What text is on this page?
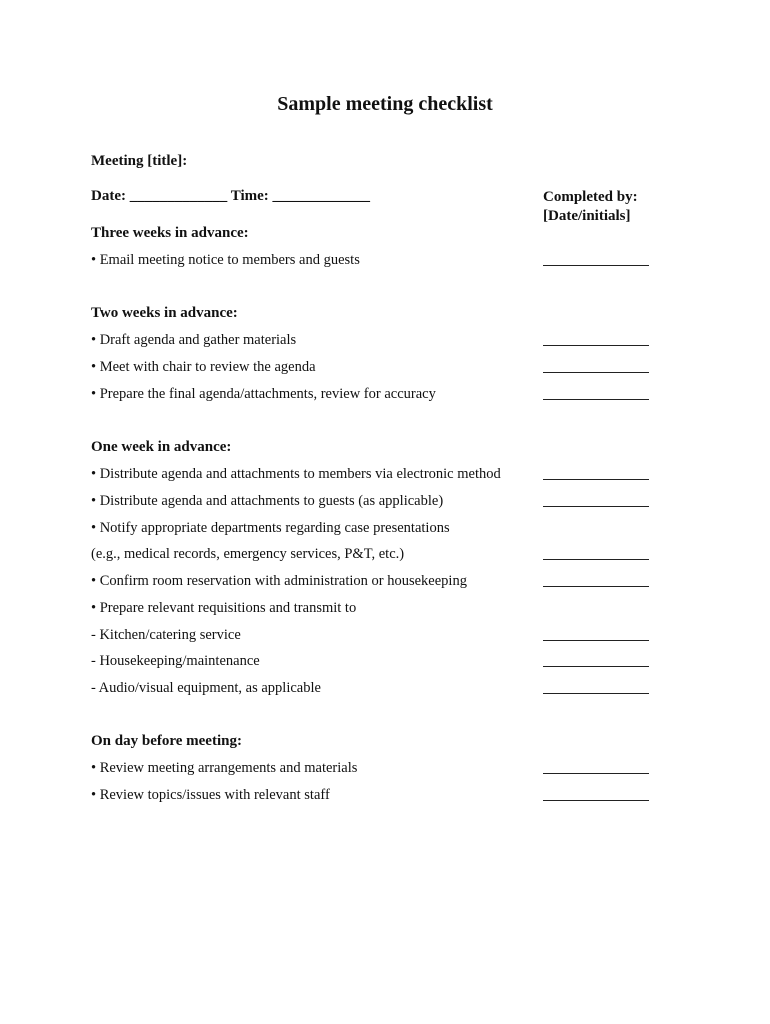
Sample meeting checklist
Meeting [title]:
Date: _____________ Time: _____________	Completed by:
[Date/initials]
Three weeks in advance:
• Email meeting notice to members and guests
Two weeks in advance:
• Draft agenda and gather materials
• Meet with chair to review the agenda
• Prepare the final agenda/attachments, review for accuracy
One week in advance:
• Distribute agenda and attachments to members via electronic method
• Distribute agenda and attachments to guests (as applicable)
• Notify appropriate departments regarding case presentations
(e.g., medical records, emergency services, P&T, etc.)
• Confirm room reservation with administration or housekeeping
• Prepare relevant requisitions and transmit to
- Kitchen/catering service
- Housekeeping/maintenance
- Audio/visual equipment, as applicable
On day before meeting:
• Review meeting arrangements and materials
• Review topics/issues with relevant staff
